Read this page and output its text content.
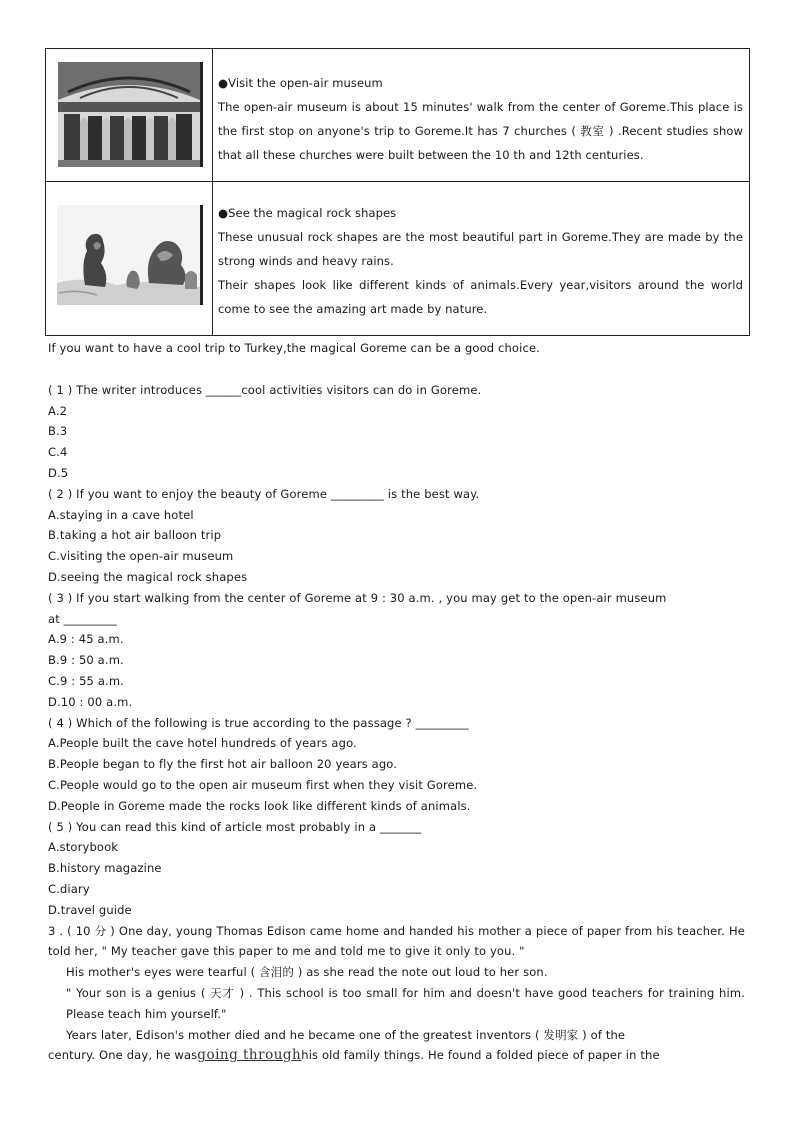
●Visit the open-air museum

The open-air museum is about 15 minutes' walk from the center of Goreme.This place is the first stop on anyone's trip to Goreme.It has 7 churches ( 教室 ) .Recent studies show that all these churches were built between the 10 th and 12th centuries.

●See the magical rock shapes

These unusual rock shapes are the most beautiful part in Goreme.They are made by the strong winds and heavy rains.

Their shapes look like different kinds of animals.Every year,visitors around the world come to see the amazing art made by nature.

If you want to have a cool trip to Turkey,the magical Goreme can be a good choice.
( 1 ) The writer introduces ______cool activities visitors can do in Goreme.
A.2
B.3
C.4
D.5
( 2 ) If you want to enjoy the beauty of Goreme _________ is the best way.
A.staying in a cave hotel
B.taking a hot air balloon trip
C.visiting the open-air museum
D.seeing the magical rock shapes
( 3 ) If you start walking from the center of Goreme at 9 : 30 a.m. , you may get to the open-air museum
at _________
A.9 : 45 a.m.
B.9 : 50 a.m.
C.9 : 55 a.m.
D.10 : 00 a.m.
( 4 ) Which of the following is true according to the passage ? _________
A.People built the cave hotel hundreds of years ago.
B.People began to fly the first hot air balloon 20 years ago.
C.People would go to the open air museum first when they visit Goreme.
D.People in Goreme made the rocks look like different kinds of animals.
( 5 ) You can read this kind of article most probably in a _______
A.storybook
B.history magazine
C.diary
D.travel guide
3 . ( 10 分 ) One day, young Thomas Edison came home and handed his mother a piece of paper from his teacher. He told her, " My teacher gave this paper to me and told me to give it only to you. "
His mother's eyes were tearful ( 含泪的 ) as she read the note out loud to her son.
" Your son is a genius ( 天才 ) . This school is too small for him and doesn't have good teachers for training him. Please teach him yourself."
Years later, Edison's mother died and he became one of the greatest inventors ( 发明家 ) of the
century. One day, he wasgoing throughhis old family things. He found a folded piece of paper in the
